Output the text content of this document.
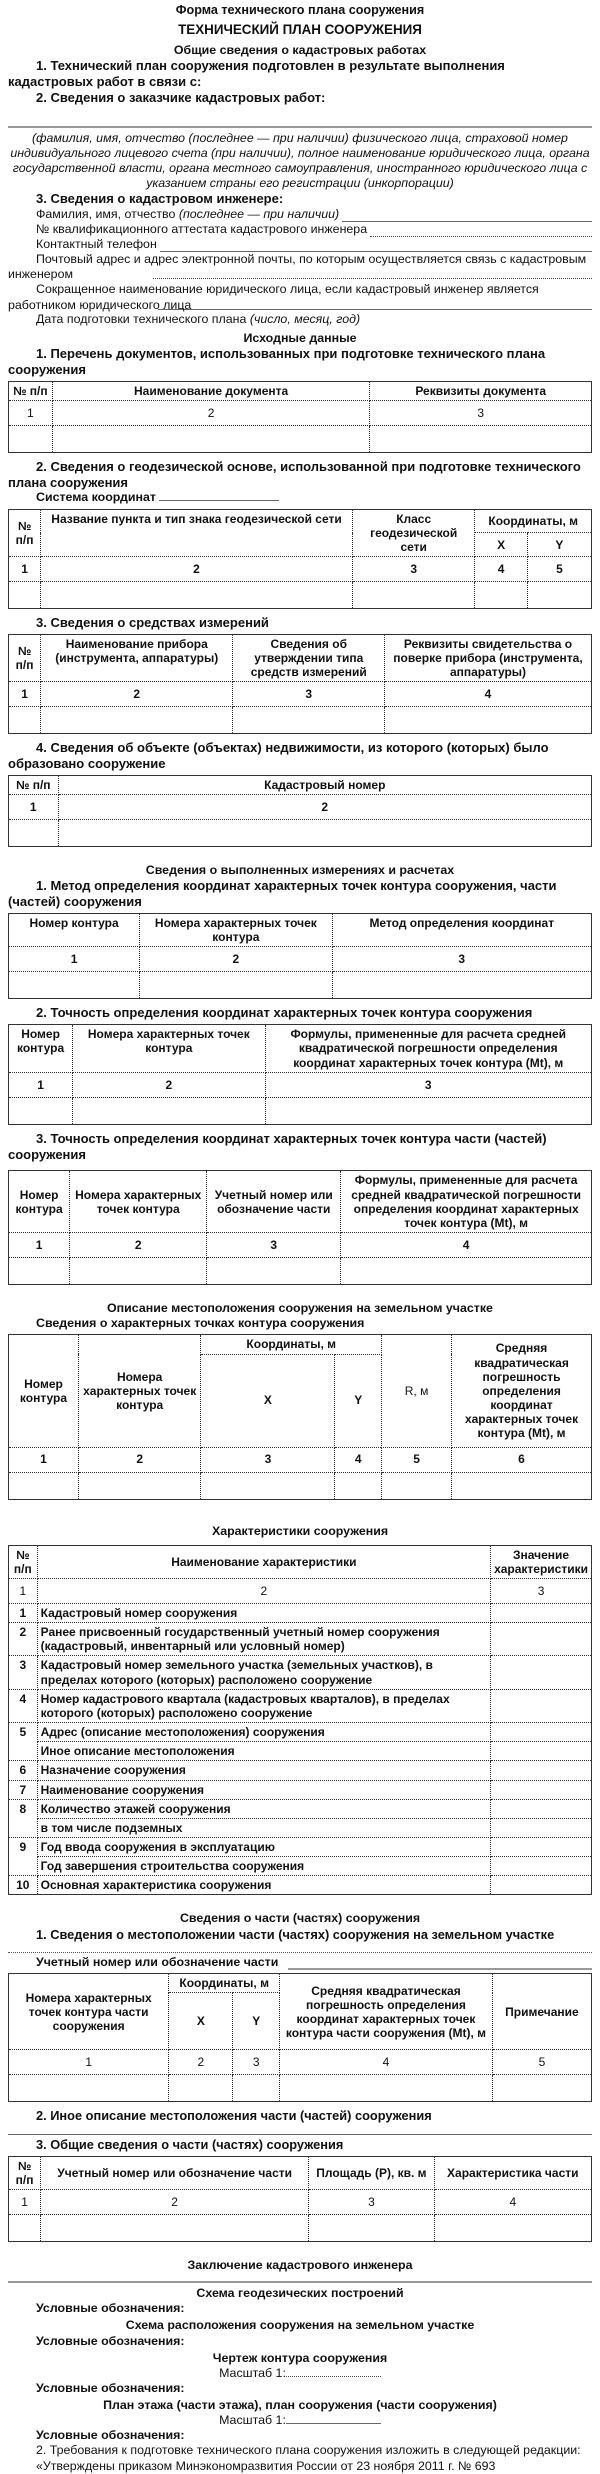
Форма технического плана сооружения
ТЕХНИЧЕСКИЙ ПЛАН СООРУЖЕНИЯ
Общие сведения о кадастровых работах
1. Технический план сооружения подготовлен в результате выполнения кадастровых работ в связи с:
2. Сведения о заказчике кадастровых работ:
(фамилия, имя, отчество (последнее — при наличии) физического лица, страховой номер индивидуального лицевого счета (при наличии), полное наименование юридического лица, органа государственной власти, органа местного самоуправления, иностранного юридического лица с указанием страны его регистрации (инкорпорации)
3. Сведения о кадастровом инженере:
Фамилия, имя, отчество
(последнее — при наличии)
№ квалификационного аттестата кадастрового инженера
Контактный телефон
Почтовый адрес и адрес электронной почты, по которым осуществляется связь с кадастровым инженером
Сокращенное наименование юридического лица, если кадастровый инженер является работником юридического лица
Дата подготовки технического плана (число, месяц, год)
Исходные данные
1. Перечень документов, использованных при подготовке технического плана сооружения
№ п/п	Наименование документа	Реквизиты документа
1	2	3

2. Сведения о геодезической основе, использованной при подготовке технического плана сооружения
Система координат
№ п/п	Название пункта и тип знака геодезической сети	Класс геодезической сети	Координаты, м	
			X	Y
1	2	3	4	5

3. Сведения о средствах измерений
№ п/п	Наименование прибора (инструмента, аппаратуры)	Сведения об утверждении типа средств измерений	Реквизиты свидетельства о поверке прибора (инструмента, аппаратуры)
1	2	3	4

4. Сведения об объекте (объектах) недвижимости, из которого (которых) было образовано сооружение
№ п/п	Кадастровый номер
1	2

Сведения о выполненных измерениях и расчетах
1. Метод определения координат характерных точек контура сооружения, части (частей) сооружения
Номер контура	Номера характерных точек контура	Метод определения координат
1	2	3

2. Точность определения координат характерных точек контура сооружения
Номер контура	Номера характерных точек контура	Формулы, примененные для расчета средней квадратической погрешности определения координат характерных точек контура (Mt), м
1	2	3

3. Точность определения координат характерных точек контура части (частей) сооружения
Номер контура	Номера характерных точек контура	Учетный номер или обозначение части	Формулы, примененные для расчета средней квадратической погрешности определения координат характерных точек контура (Mt), м
1	2	3	4

Описание местоположения сооружения на земельном участке
Сведения о характерных точках контура сооружения
Номер контура	Номера характерных точек контура	Координаты, м		R, м	Средняя квадратическая погрешность определения координат характерных точек контура (Mt), м
		X	Y		
1	2	3	4	5	6

Характеристики сооружения
№ п/п	Наименование характеристики	Значение характеристики
1	2	3
1	Кадастровый номер сооружения	
2	Ранее присвоенный государственный учетный номер сооружения (кадастровый, инвентарный или условный номер)	
3	Кадастровый номер земельного участка (земельных участков), в пределах которого (которых) расположено сооружение	
4	Номер кадастрового квартала (кадастровых кварталов), в пределах которого (которых) расположено сооружение	
5	Адрес (описание местоположения) сооружения	
	Иное описание местоположения	
6	Назначение сооружения	
7	Наименование сооружения	
8	Количество этажей сооружения	
	в том числе подземных	
9	Год ввода сооружения в эксплуатацию	
	Год завершения строительства сооружения	
10	Основная характеристика сооружения	
Сведения о части (частях) сооружения
1. Сведения о местоположении части (частях) сооружения на земельном участке
Учетный номер или обозначение части
Номера характерных точек контура части сооружения	Координаты, м		Средняя квадратическая погрешность определения координат характерных точек контура части сооружения (Mt), м	Примечание
	X	Y		
1	2	3	4	5

2. Иное описание местоположения части (частей) сооружения
3. Общие сведения о части (частях) сооружения
№ п/п	Учетный номер или обозначение части	Площадь (P), кв. м	Характеристика части
1	2	3	4

Заключение кадастрового инженера
Схема геодезических построений
Условные обозначения:
Схема расположения сооружения на земельном участке
Условные обозначения:
Чертеж контура сооружения
Масштаб 1:
Условные обозначения:
План этажа (части этажа), план сооружения (части сооружения)
Масштаб 1:
Условные обозначения:
2. Требования к подготовке технического плана сооружения изложить в следующей редакции:
«Утверждены приказом Минэкономразвития России от 23 ноября 2011 г. № 693
